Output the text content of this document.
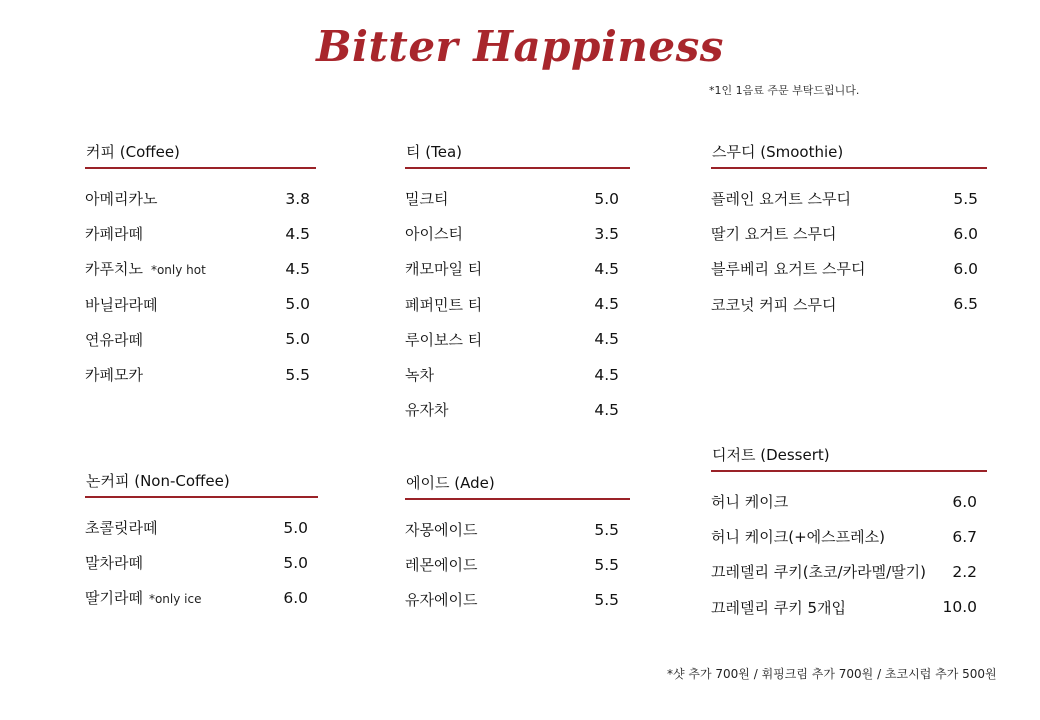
Bitter Happiness
*1인 1음료 주문 부탁드립니다.
커피 (Coffee)
아메리카노	3.8
카페라떼	4.5
카푸치노 *only hot	4.5
바닐라라떼	5.0
연유라떼	5.0
카페모카	5.5
티 (Tea)
밀크티	5.0
아이스티	3.5
캐모마일 티	4.5
페퍼민트 티	4.5
루이보스 티	4.5
녹차	4.5
유자차	4.5
스무디 (Smoothie)
플레인 요거트 스무디	5.5
딸기 요거트 스무디	6.0
블루베리 요거트 스무디	6.0
코코넛 커피 스무디	6.5
논커피 (Non-Coffee)
초콜릿라떼	5.0
말차라떼	5.0
딸기라떼 *only ice	6.0
에이드 (Ade)
자몽에이드	5.5
레몬에이드	5.5
유자에이드	5.5
디저트 (Dessert)
허니 케이크	6.0
허니 케이크(+에스프레소)	6.7
끄레델리 쿠키(초코/카라멜/딸기) 2.2
끄레델리 쿠키 5개입	10.0
*샷 추가 700원 / 휘핑크림 추가 700원 / 초코시럽 추가 500원
